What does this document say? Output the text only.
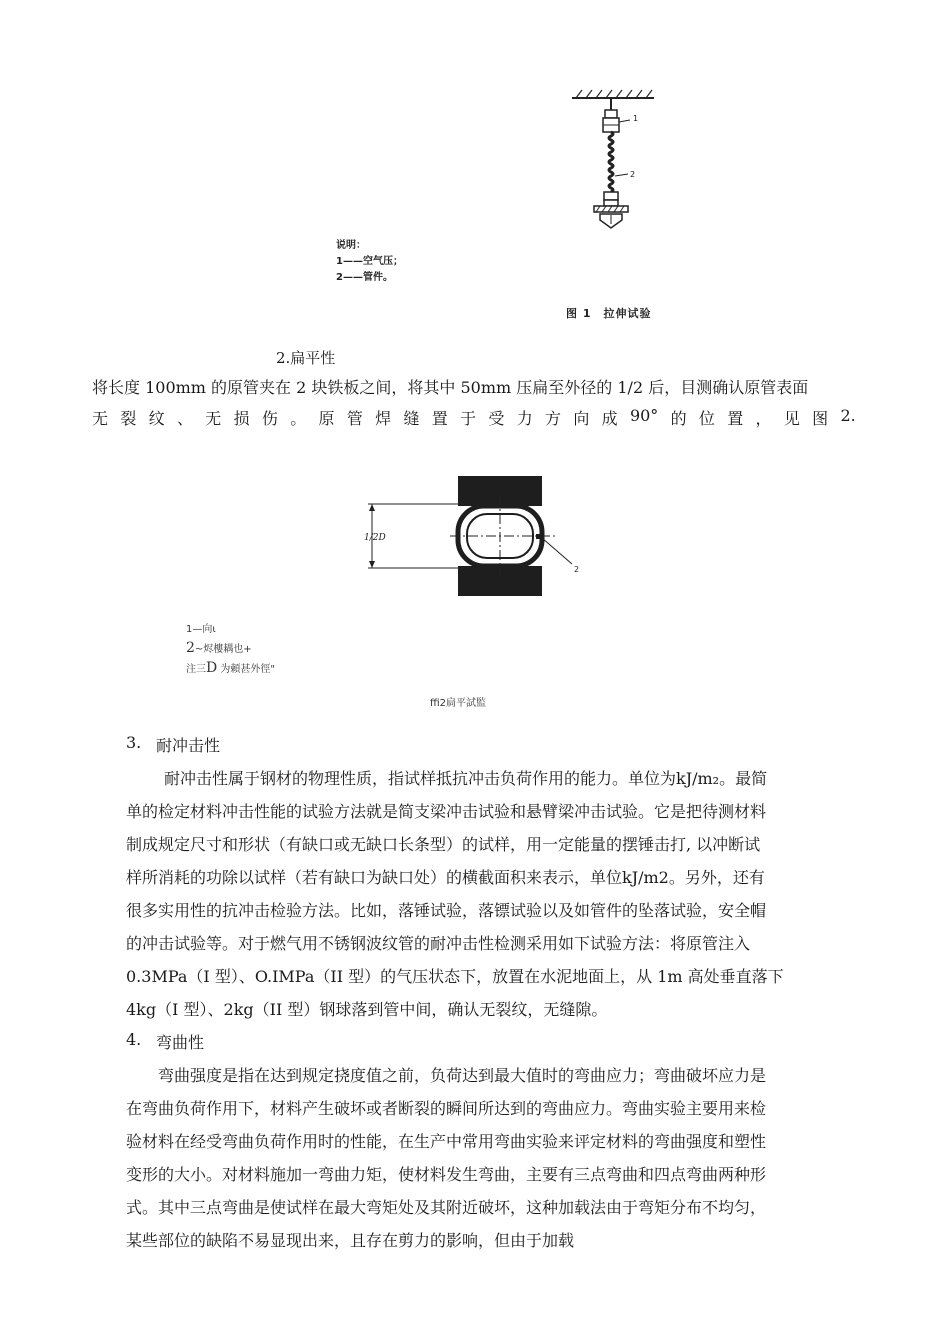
1
2
说明：
1——空气压；
2——管件。
图 1　拉伸试验
2.扁平性
将长度 100mm 的原管夹在 2 块铁板之间，将其中 50mm 压扁至外径的 1/2 后，目测确认原管表面
无 裂 纹 、 无 损 伤 。 原 管 焊 缝 置 于 受 力 方 向 成 90° 的 位 置 ， 见 图 2.
1/2D
2
1—向ι
2~烬樓耦也+
注三D 为頼甚外徑"
ffi2扃平試監
3. 耐冲击性
　耐冲击性属于钢材的物理性质，指试样抵抗冲击负荷作用的能力。单位为kJ/m₂。最简
单的检定材料冲击性能的试验方法就是简支梁冲击试验和悬臂梁冲击试验。它是把待测材料
制成规定尺寸和形状（有缺口或无缺口长条型）的试样，用一定能量的摆锤击打, 以冲断试
样所消耗的功除以试样（若有缺口为缺口处）的横截面积来表示，单位kJ/m2。另外，还有
很多实用性的抗冲击检验方法。比如，落锤试验，落镖试验以及如管件的坠落试验，安全帽
的冲击试验等。对于燃气用不锈钢波纹管的耐冲击性检测采用如下试验方法：将原管注入
0.3MPa（I 型）、O.IMPa（II 型）的气压状态下，放置在水泥地面上，从 1m 高处垂直落下
4kg（I 型）、2kg（II 型）钢球落到管中间，确认无裂纹，无缝隙。
4. 弯曲性
弯曲强度是指在达到规定挠度值之前，负荷达到最大值时的弯曲应力；弯曲破坏应力是
在弯曲负荷作用下，材料产生破坏或者断裂的瞬间所达到的弯曲应力。弯曲实验主要用来检
验材料在经受弯曲负荷作用时的性能，在生产中常用弯曲实验来评定材料的弯曲强度和塑性
变形的大小。对材料施加一弯曲力矩，使材料发生弯曲，主要有三点弯曲和四点弯曲两种形
式。其中三点弯曲是使试样在最大弯矩处及其附近破坏，这种加载法由于弯矩分布不均匀，
某些部位的缺陷不易显现出来，且存在剪力的影响，但由于加载
